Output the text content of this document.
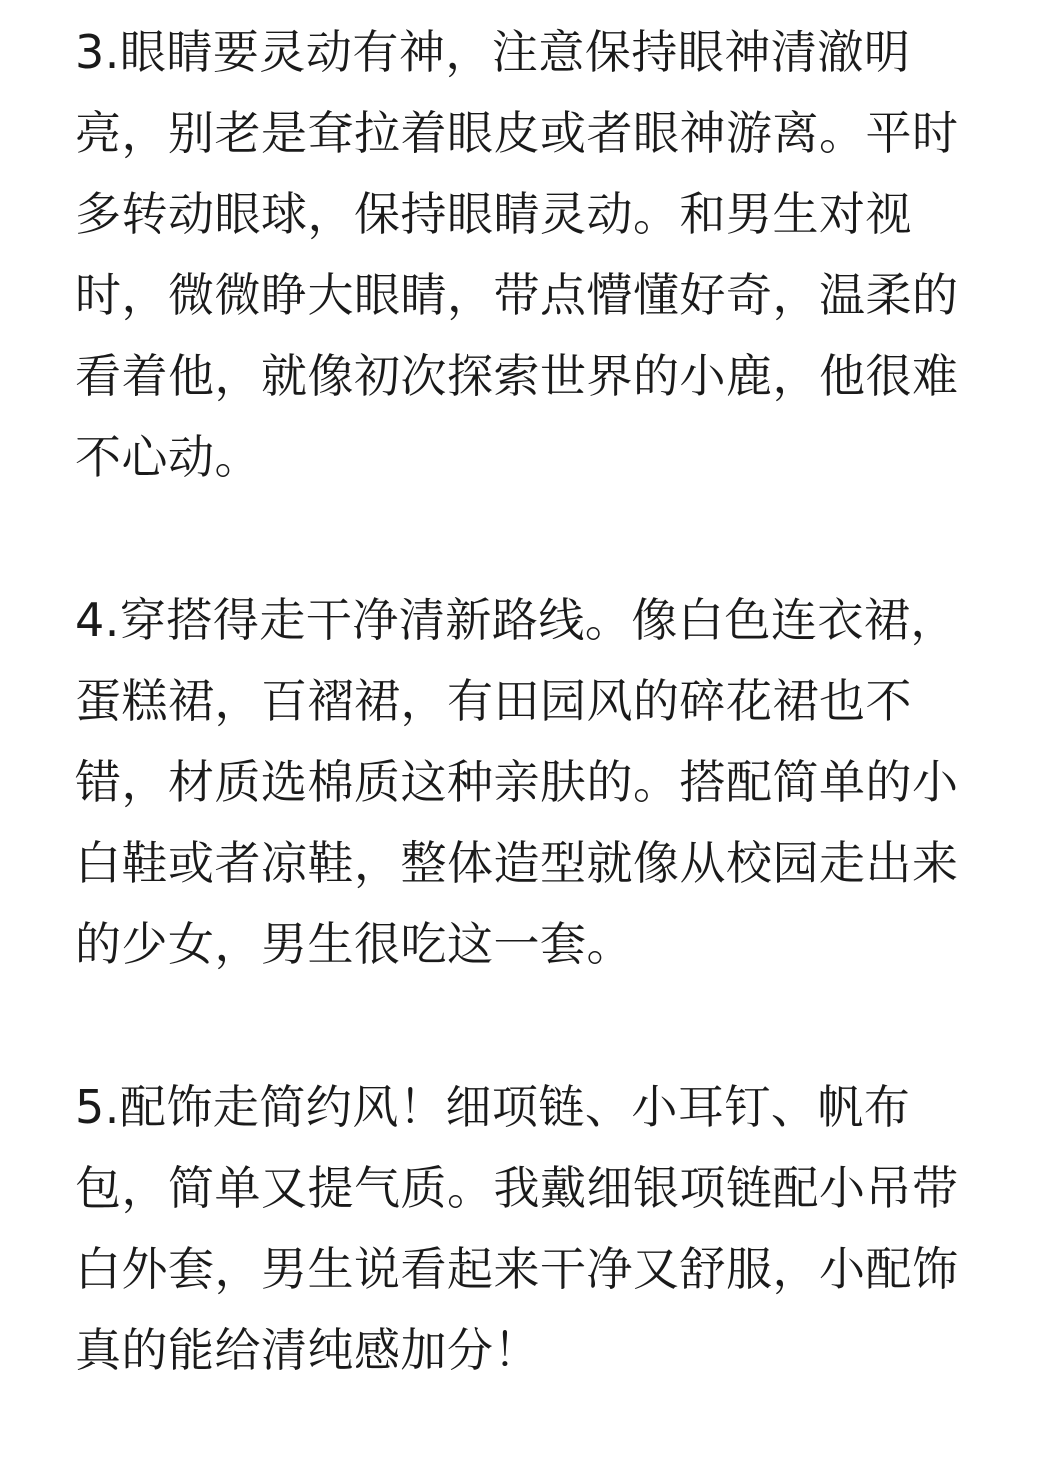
3.眼睛要灵动有神，注意保持眼神清澈明
亮，别老是耷拉着眼皮或者眼神游离。平时
多转动眼球，保持眼睛灵动。和男生对视
时，微微睁大眼睛，带点懵懂好奇，温柔的
看着他，就像初次探索世界的小鹿，他很难
不心动。

4.穿搭得走干净清新路线。像白色连衣裙，
蛋糕裙，百褶裙，有田园风的碎花裙也不
错，材质选棉质这种亲肤的。搭配简单的小
白鞋或者凉鞋，整体造型就像从校园走出来
的少女，男生很吃这一套。

5.配饰走简约风！细项链、小耳钉、帆布
包，简单又提气质。我戴细银项链配小吊带
白外套，男生说看起来干净又舒服，小配饰
真的能给清纯感加分！
